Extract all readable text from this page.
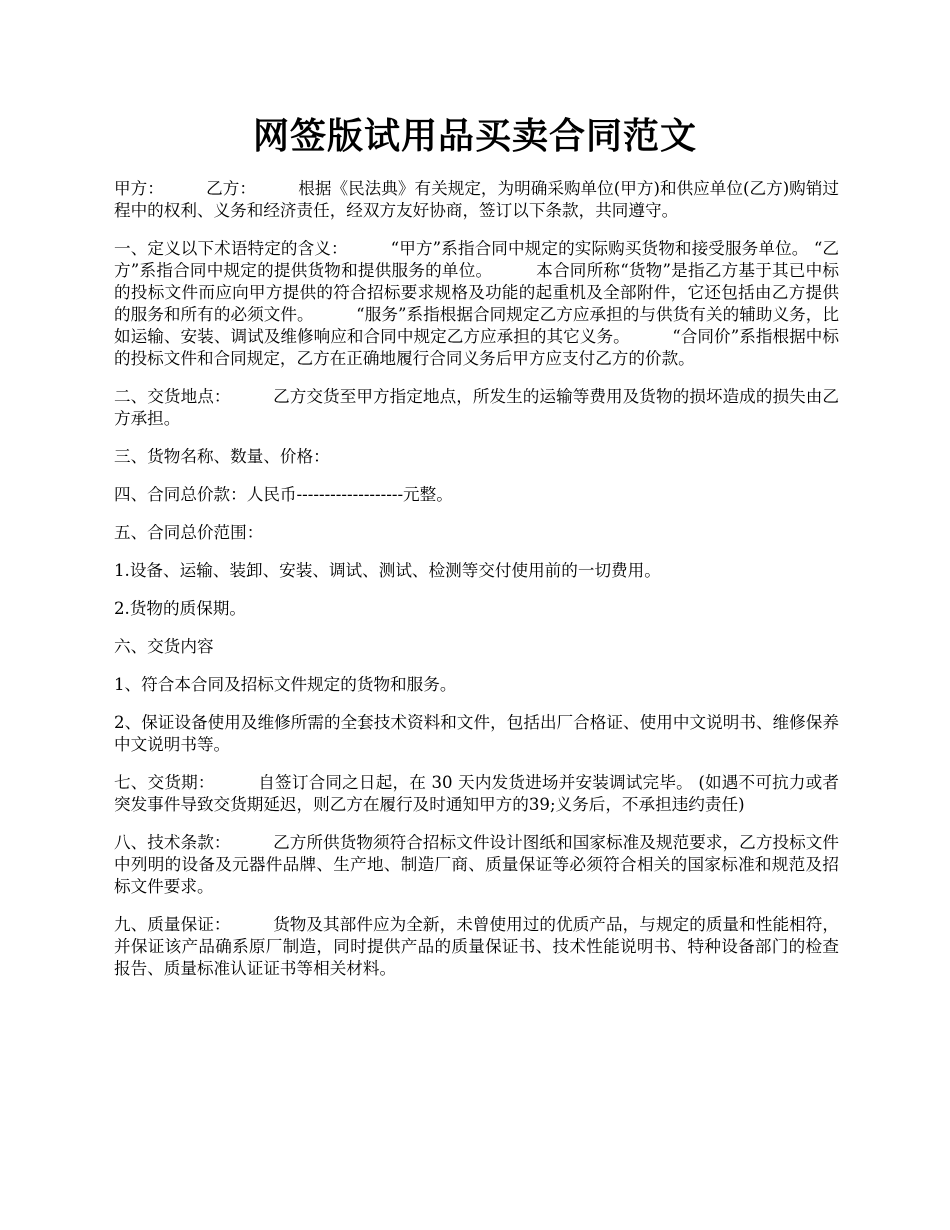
网签版试用品买卖合同范文

甲方：        乙方：        根据《民法典》有关规定，为明确采购单位(甲方)和供应单位(乙方)购销过程中的权利、义务和经济责任，经双方友好协商，签订以下条款，共同遵守。

一、定义以下术语特定的含义：        “甲方”系指合同中规定的实际购买货物和接受服务单位。 “乙方”系指合同中规定的提供货物和提供服务的单位。        本合同所称“货物”是指乙方基于其已中标的投标文件而应向甲方提供的符合招标要求规格及功能的起重机及全部附件，它还包括由乙方提供的服务和所有的必须文件。        “服务”系指根据合同规定乙方应承担的与供货有关的辅助义务，比如运输、安装、调试及维修响应和合同中规定乙方应承担的其它义务。        “合同价”系指根据中标的投标文件和合同规定，乙方在正确地履行合同义务后甲方应支付乙方的价款。

二、交货地点：        乙方交货至甲方指定地点，所发生的运输等费用及货物的损坏造成的损失由乙方承担。

三、货物名称、数量、价格：

四、合同总价款：人民币-------------------元整。

五、合同总价范围：

1.设备、运输、装卸、安装、调试、测试、检测等交付使用前的一切费用。

2.货物的质保期。

六、交货内容

1、符合本合同及招标文件规定的货物和服务。

2、保证设备使用及维修所需的全套技术资料和文件，包括出厂合格证、使用中文说明书、维修保养中文说明书等。

七、交货期：        自签订合同之日起，在 30 天内发货进场并安装调试完毕。 (如遇不可抗力或者突发事件导致交货期延迟，则乙方在履行及时通知甲方的39;义务后，不承担违约责任)

八、技术条款：        乙方所供货物须符合招标文件设计图纸和国家标准及规范要求，乙方投标文件中列明的设备及元器件品牌、生产地、制造厂商、质量保证等必须符合相关的国家标准和规范及招标文件要求。

九、质量保证：        货物及其部件应为全新，未曾使用过的优质产品，与规定的质量和性能相符，并保证该产品确系原厂制造，同时提供产品的质量保证书、技术性能说明书、特种设备部门的检查报告、质量标准认证证书等相关材料。
